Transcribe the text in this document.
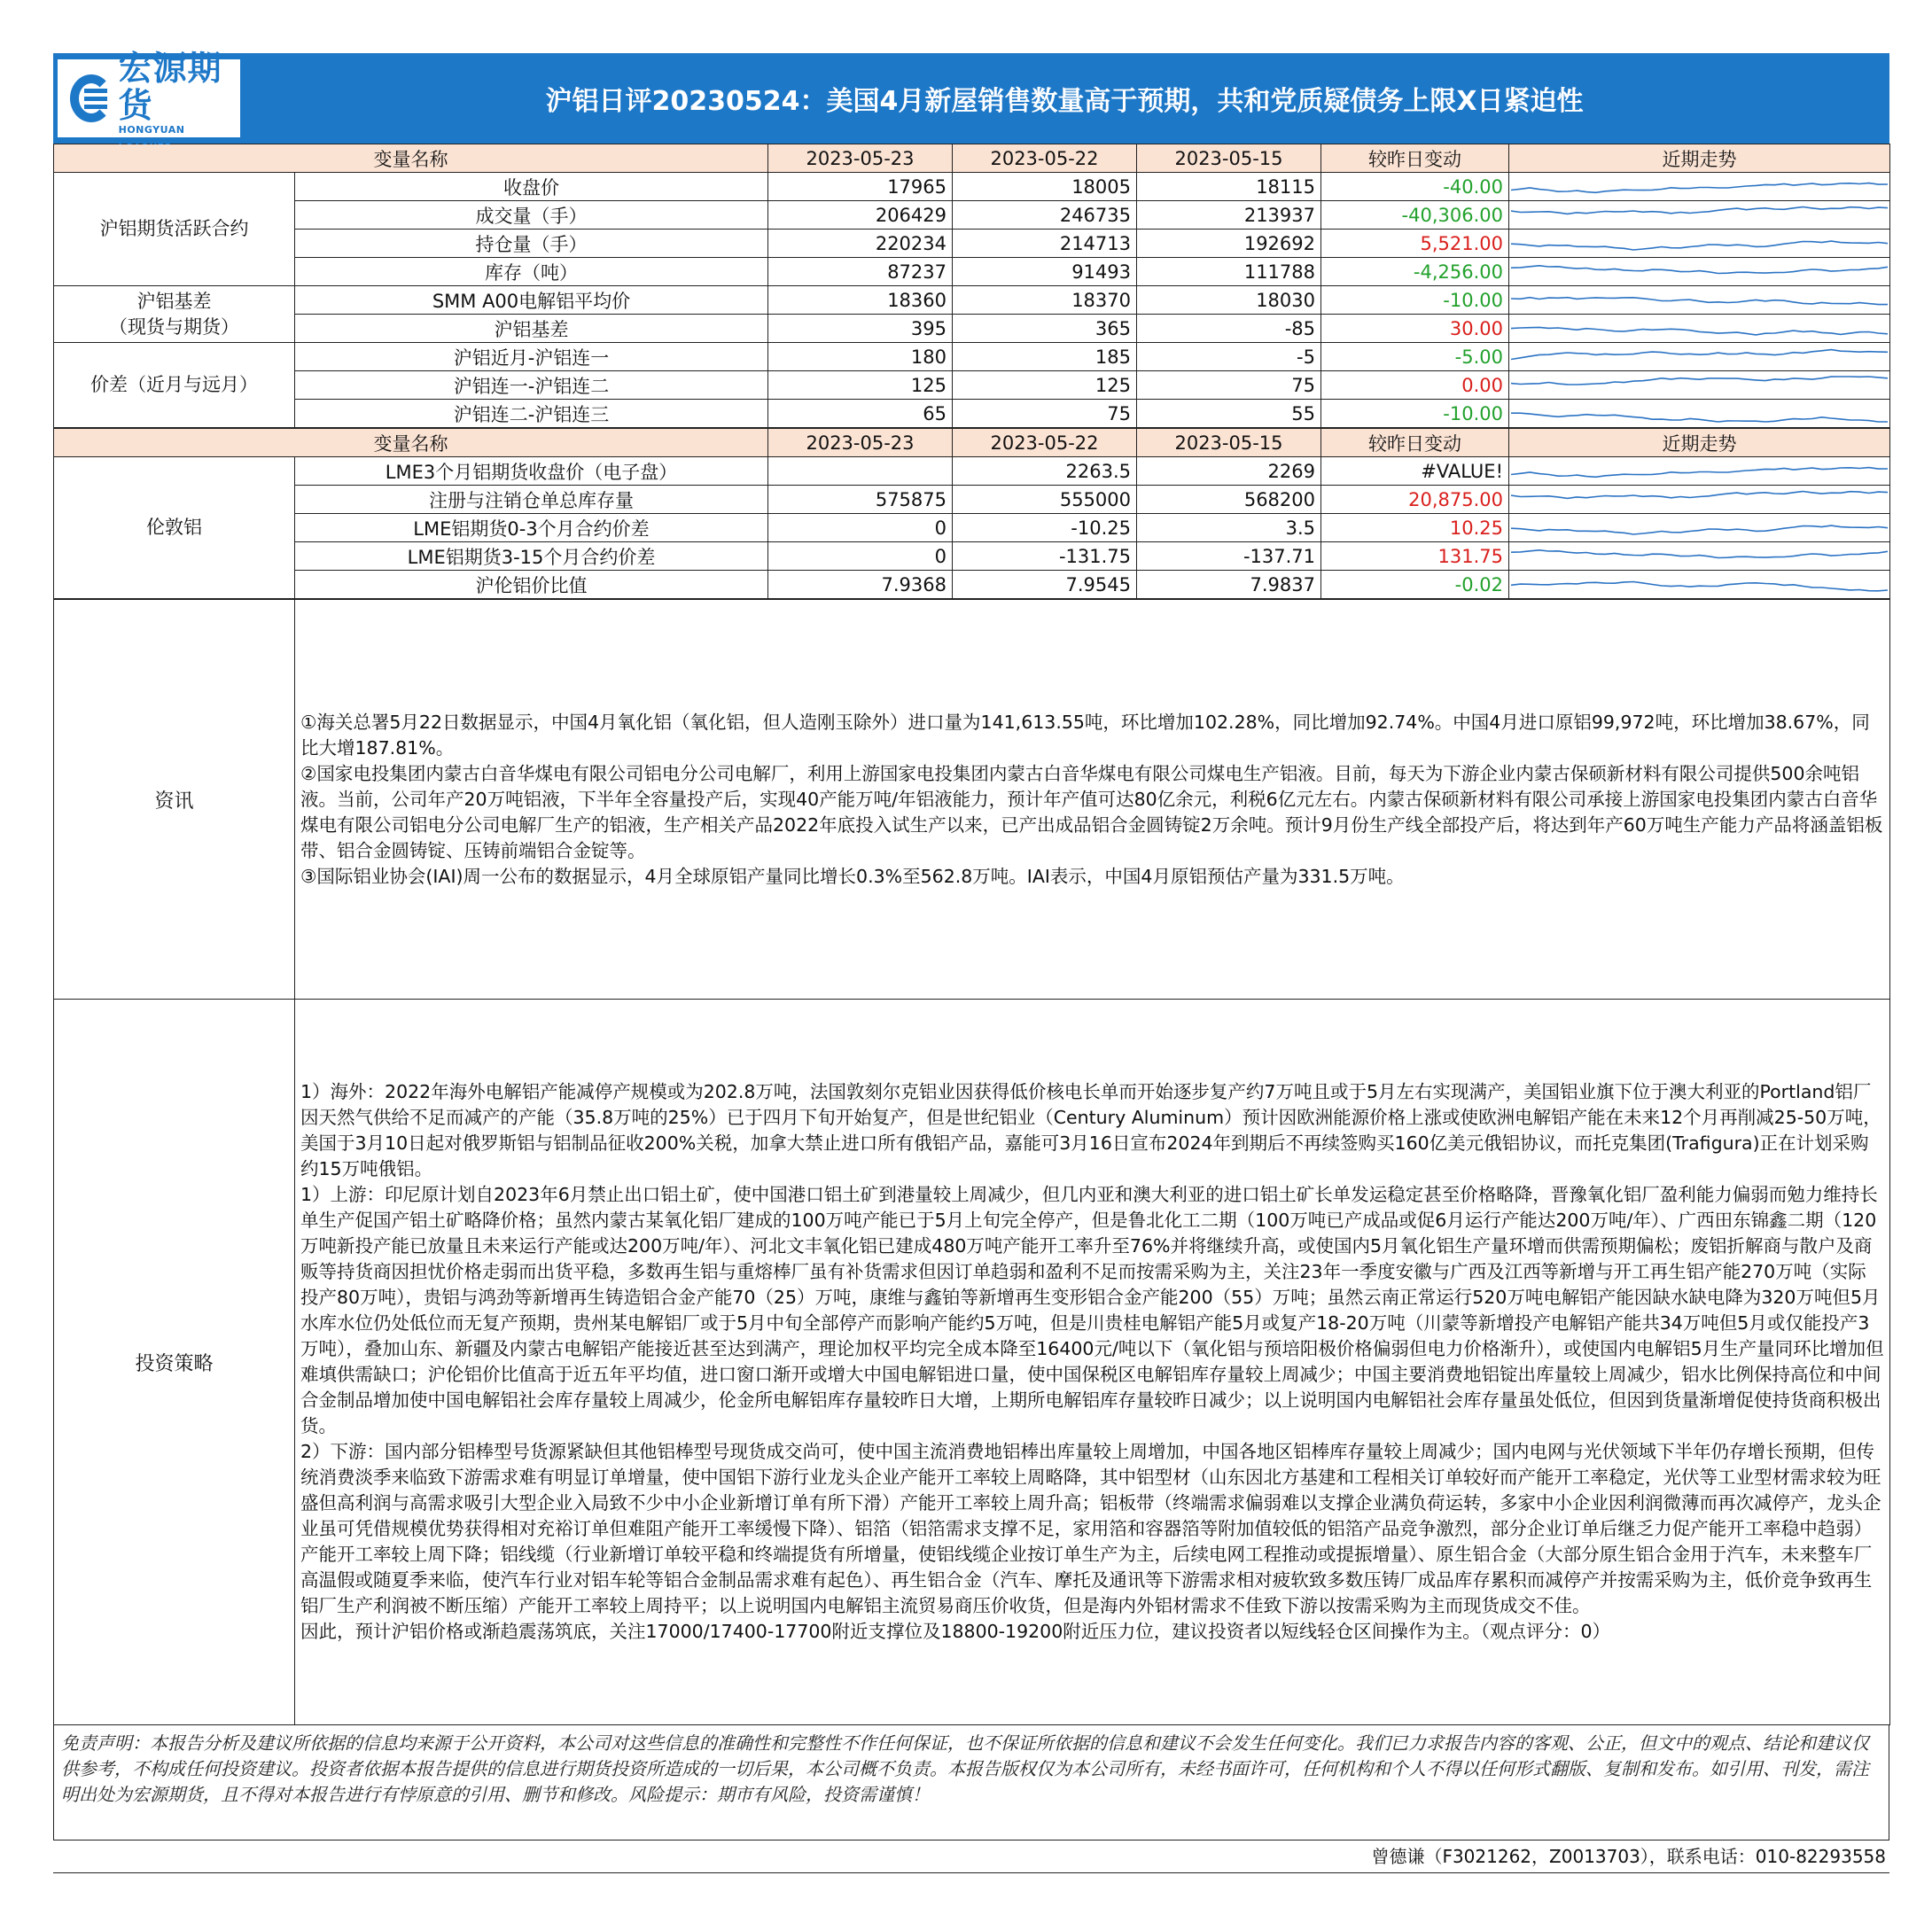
宏源期货
HONGYUAN FUTURES
沪铝日评20230524：美国4月新屋销售数量高于预期，共和党质疑债务上限X日紧迫性
变量名称		2023-05-23	2023-05-22	2023-05-15	较昨日变动	近期走势
沪铝期货活跃合约	收盘价	17965	18005	18115	-40.00	

	成交量（手）	206429	246735	213937	-40,306.00	

	持仓量（手）	220234	214713	192692	5,521.00	

	库存（吨）	87237	91493	111788	-4,256.00	

沪铝基差
（现货与期货）	SMM A00电解铝平均价	18360	18370	18030	-10.00	

	沪铝基差	395	365	-85	30.00	

价差（近月与远月）	沪铝近月-沪铝连一	180	185	-5	-5.00	

	沪铝连一-沪铝连二	125	125	75	0.00	

	沪铝连二-沪铝连三	65	75	55	-10.00	
变量名称		2023-05-23	2023-05-22	2023-05-15	较昨日变动	近期走势
伦敦铝	LME3个月铝期货收盘价（电子盘）		2263.5	2269	#VALUE!	

	注册与注销仓单总库存量	575875	555000	568200	20,875.00	

	LME铝期货0-3个月合约价差	0	-10.25	3.5	10.25	

	LME铝期货3-15个月合约价差	0	-131.75	-137.71	131.75	

	沪伦铝价比值	7.9368	7.9545	7.9837	-0.02	
资讯	①海关总署5月22日数据显示，中国4月氧化铝（氧化铝，但人造刚玉除外）进口量为141,613.55吨，环比增加102.28%，同比增加92.74%。中国4月进口原铝99,972吨，环比增加38.67%，同比大增187.81%。
②国家电投集团内蒙古白音华煤电有限公司铝电分公司电解厂，利用上游国家电投集团内蒙古白音华煤电有限公司煤电生产铝液。目前，每天为下游企业内蒙古保硕新材料有限公司提供500余吨铝液。当前，公司年产20万吨铝液，下半年全容量投产后，实现40产能万吨/年铝液能力，预计年产值可达80亿余元，利税6亿元左右。内蒙古保硕新材料有限公司承接上游国家电投集团内蒙古白音华煤电有限公司铝电分公司电解厂生产的铝液，生产相关产品2022年底投入试生产以来，已产出成品铝合金圆铸锭2万余吨。预计9月份生产线全部投产后，将达到年产60万吨生产能力产品将涵盖铝板带、铝合金圆铸锭、压铸前端铝合金锭等。
③国际铝业协会(IAI)周一公布的数据显示，4月全球原铝产量同比增长0.3%至562.8万吨。IAI表示，中国4月原铝预估产量为331.5万吨。

投资策略	1）海外：2022年海外电解铝产能减停产规模或为202.8万吨，法国敦刻尔克铝业因获得低价核电长单而开始逐步复产约7万吨且或于5月左右实现满产，美国铝业旗下位于澳大利亚的Portland铝厂因天然气供给不足而减产的产能（35.8万吨的25%）已于四月下旬开始复产，但是世纪铝业（Century Aluminum）预计因欧洲能源价格上涨或使欧洲电解铝产能在未来12个月再削减25-50万吨，美国于3月10日起对俄罗斯铝与铝制品征收200%关税，加拿大禁止进口所有俄铝产品，嘉能可3月16日宣布2024年到期后不再续签购买160亿美元俄铝协议，而托克集团(Trafigura)正在计划采购约15万吨俄铝。
1）上游：印尼原计划自2023年6月禁止出口铝土矿，使中国港口铝土矿到港量较上周减少，但几内亚和澳大利亚的进口铝土矿长单发运稳定甚至价格略降，晋豫氧化铝厂盈利能力偏弱而勉力维持长单生产促国产铝土矿略降价格；虽然内蒙古某氧化铝厂建成的100万吨产能已于5月上旬完全停产，但是鲁北化工二期（100万吨已产成品或促6月运行产能达200万吨/年）、广西田东锦鑫二期（120万吨新投产能已放量且未来运行产能或达200万吨/年）、河北文丰氧化铝已建成480万吨产能开工率升至76%并将继续升高，或使国内5月氧化铝生产量环增而供需预期偏松；废铝折解商与散户及商贩等持货商因担忧价格走弱而出货平稳，多数再生铝与重熔棒厂虽有补货需求但因订单趋弱和盈利不足而按需采购为主，关注23年一季度安徽与广西及江西等新增与开工再生铝产能270万吨（实际投产80万吨），贵铝与鸿劲等新增再生铸造铝合金产能70（25）万吨，康维与鑫铂等新增再生变形铝合金产能200（55）万吨；虽然云南正常运行520万吨电解铝产能因缺水缺电降为320万吨但5月水库水位仍处低位而无复产预期，贵州某电解铝厂或于5月中旬全部停产而影响产能约5万吨，但是川贵桂电解铝产能5月或复产18-20万吨（川蒙等新增投产电解铝产能共34万吨但5月或仅能投产3万吨），叠加山东、新疆及内蒙古电解铝产能接近甚至达到满产，理论加权平均完全成本降至16400元/吨以下（氧化铝与预培阳极价格偏弱但电力价格渐升），或使国内电解铝5月生产量同环比增加但难填供需缺口；沪伦铝价比值高于近五年平均值，进口窗口渐开或增大中国电解铝进口量，使中国保税区电解铝库存量较上周减少；中国主要消费地铝锭出库量较上周减少，铝水比例保持高位和中间合金制品增加使中国电解铝社会库存量较上周减少，伦金所电解铝库存量较昨日大增，上期所电解铝库存量较昨日减少；以上说明国内电解铝社会库存量虽处低位，但因到货量渐增促使持货商积极出货。
2）下游：国内部分铝棒型号货源紧缺但其他铝棒型号现货成交尚可，使中国主流消费地铝棒出库量较上周增加，中国各地区铝棒库存量较上周减少；国内电网与光伏领域下半年仍存增长预期，但传统消费淡季来临致下游需求难有明显订单增量，使中国铝下游行业龙头企业产能开工率较上周略降，其中铝型材（山东因北方基建和工程相关订单较好而产能开工率稳定，光伏等工业型材需求较为旺盛但高利润与高需求吸引大型企业入局致不少中小企业新增订单有所下滑）产能开工率较上周升高；铝板带（终端需求偏弱难以支撑企业满负荷运转，多家中小企业因利润微薄而再次减停产，龙头企业虽可凭借规模优势获得相对充裕订单但难阻产能开工率缓慢下降）、铝箔（铝箔需求支撑不足，家用箔和容器箔等附加值较低的铝箔产品竞争激烈，部分企业订单后继乏力促产能开工率稳中趋弱）产能开工率较上周下降；铝线缆（行业新增订单较平稳和终端提货有所增量，使铝线缆企业按订单生产为主，后续电网工程推动或提振增量）、原生铝合金（大部分原生铝合金用于汽车，未来整车厂高温假或随夏季来临，使汽车行业对铝车轮等铝合金制品需求难有起色）、再生铝合金（汽车、摩托及通讯等下游需求相对疲软致多数压铸厂成品库存累积而减停产并按需采购为主，低价竞争致再生铝厂生产利润被不断压缩）产能开工率较上周持平；以上说明国内电解铝主流贸易商压价收货，但是海内外铝材需求不佳致下游以按需采购为主而现货成交不佳。
因此，预计沪铝价格或渐趋震荡筑底，关注17000/17400-17700附近支撑位及18800-19200附近压力位，建议投资者以短线轻仓区间操作为主。（观点评分：0）
免责声明：本报告分析及建议所依据的信息均来源于公开资料，本公司对这些信息的准确性和完整性不作任何保证，也不保证所依据的信息和建议不会发生任何变化。我们已力求报告内容的客观、公正，但文中的观点、结论和建议仅供参考，不构成任何投资建议。投资者依据本报告提供的信息进行期货投资所造成的一切后果，本公司概不负责。本报告版权仅为本公司所有，未经书面许可，任何机构和个人不得以任何形式翻版、复制和发布。如引用、刊发，需注明出处为宏源期货，且不得对本报告进行有悖原意的引用、删节和修改。风险提示：期市有风险，投资需谨慎！
曾德谦（F3021262，Z0013703），联系电话：010-82293558
